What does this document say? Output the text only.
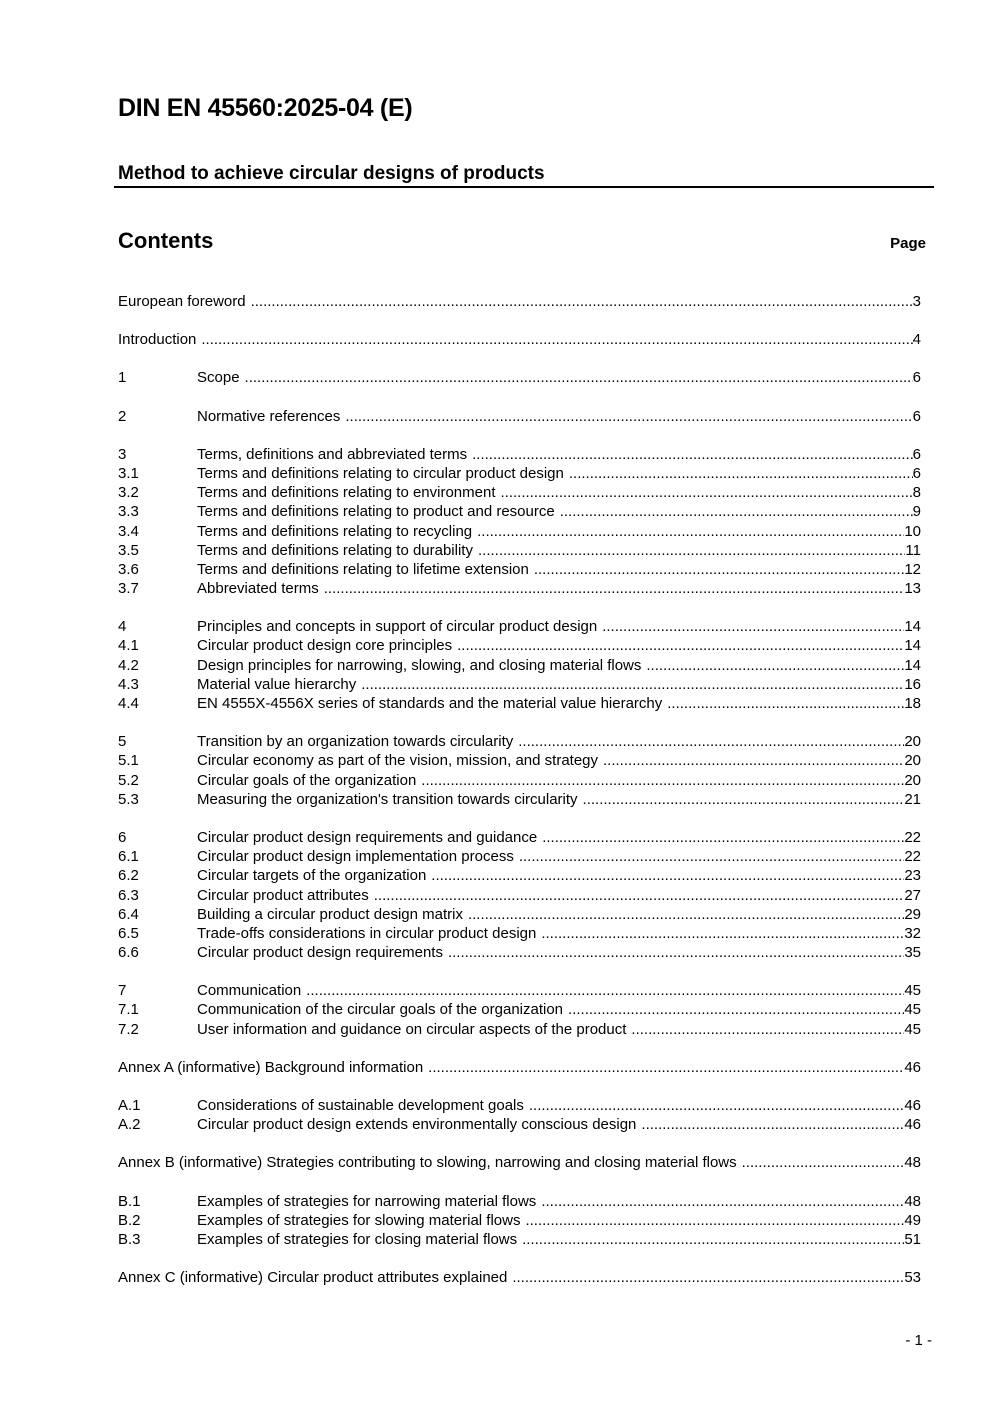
DIN EN 45560:2025-04 (E)
Method to achieve circular designs of products
Contents	Page
European foreword .....	3
Introduction .....	4
1	Scope .....	6
2	Normative references .....	6
3	Terms, definitions and abbreviated terms .....	6
3.1	Terms and definitions relating to circular product design .....	6
3.2	Terms and definitions relating to environment .....	8
3.3	Terms and definitions relating to product and resource .....	9
3.4	Terms and definitions relating to recycling .....	10
3.5	Terms and definitions relating to durability .....	11
3.6	Terms and definitions relating to lifetime extension .....	12
3.7	Abbreviated terms .....	13
4	Principles and concepts in support of circular product design .....	14
4.1	Circular product design core principles .....	14
4.2	Design principles for narrowing, slowing, and closing material flows .....	14
4.3	Material value hierarchy .....	16
4.4	EN 4555X-4556X series of standards and the material value hierarchy .....	18
5	Transition by an organization towards circularity .....	20
5.1	Circular economy as part of the vision, mission, and strategy .....	20
5.2	Circular goals of the organization .....	20
5.3	Measuring the organization's transition towards circularity .....	21
6	Circular product design requirements and guidance .....	22
6.1	Circular product design implementation process .....	22
6.2	Circular targets of the organization .....	23
6.3	Circular product attributes .....	27
6.4	Building a circular product design matrix .....	29
6.5	Trade-offs considerations in circular product design .....	32
6.6	Circular product design requirements .....	35
7	Communication .....	45
7.1	Communication of the circular goals of the organization .....	45
7.2	User information and guidance on circular aspects of the product .....	45
Annex A (informative) Background information .....	46
A.1	Considerations of sustainable development goals .....	46
A.2	Circular product design extends environmentally conscious design .....	46
Annex B (informative) Strategies contributing to slowing, narrowing and closing material flows .....	48
B.1	Examples of strategies for narrowing material flows .....	48
B.2	Examples of strategies for slowing material flows .....	49
B.3	Examples of strategies for closing material flows .....	51
Annex C (informative) Circular product attributes explained .....	53
- 1 -
